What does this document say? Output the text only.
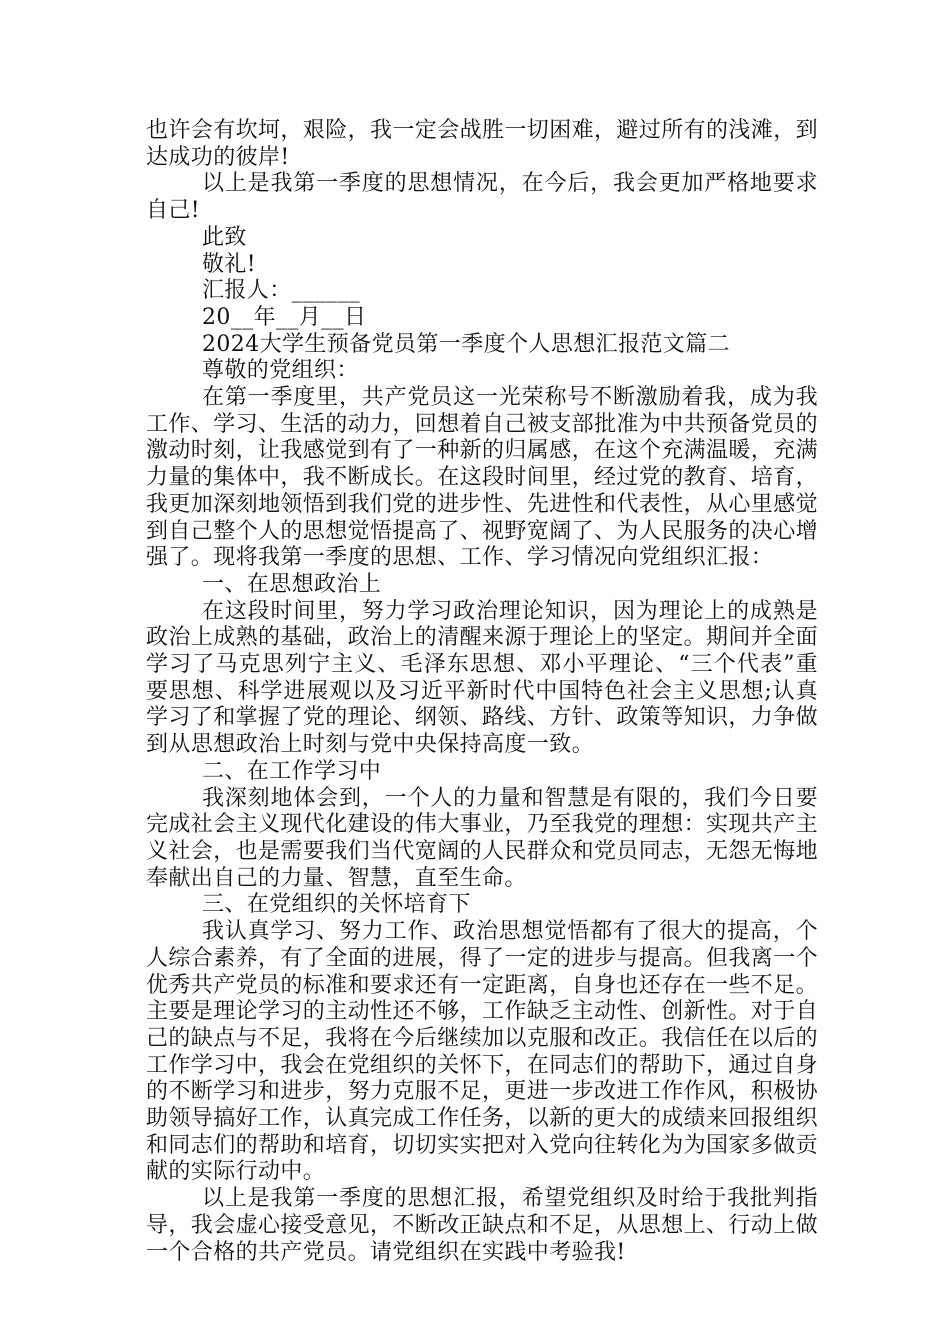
也许会有坎坷，艰险，我一定会战胜一切困难，避过所有的浅滩，到达成功的彼岸!

以上是我第一季度的思想情况，在今后，我会更加严格地要求自己!

此致

敬礼!

汇报人：______

20__年__月__日

2024大学生预备党员第一季度个人思想汇报范文篇二

尊敬的党组织：

在第一季度里，共产党员这一光荣称号不断激励着我，成为我工作、学习、生活的动力，回想着自己被支部批准为中共预备党员的激动时刻，让我感觉到有了一种新的归属感，在这个充满温暖，充满力量的集体中，我不断成长。在这段时间里，经过党的教育、培育，我更加深刻地领悟到我们党的进步性、先进性和代表性，从心里感觉到自己整个人的思想觉悟提高了、视野宽阔了、为人民服务的决心增强了。现将我第一季度的思想、工作、学习情况向党组织汇报：

一、在思想政治上

在这段时间里，努力学习政治理论知识，因为理论上的成熟是政治上成熟的基础，政治上的清醒来源于理论上的坚定。期间并全面学习了马克思列宁主义、毛泽东思想、邓小平理论、“三个代表”重要思想、科学进展观以及习近平新时代中国特色社会主义思想;认真学习了和掌握了党的理论、纲领、路线、方针、政策等知识，力争做到从思想政治上时刻与党中央保持高度一致。

二、在工作学习中

我深刻地体会到，一个人的力量和智慧是有限的，我们今日要完成社会主义现代化建设的伟大事业，乃至我党的理想：实现共产主义社会，也是需要我们当代宽阔的人民群众和党员同志，无怨无悔地奉献出自己的力量、智慧，直至生命。

三、在党组织的关怀培育下

我认真学习、努力工作、政治思想觉悟都有了很大的提高，个人综合素养，有了全面的进展，得了一定的进步与提高。但我离一个优秀共产党员的标准和要求还有一定距离，自身也还存在一些不足。主要是理论学习的主动性还不够，工作缺乏主动性、创新性。对于自己的缺点与不足，我将在今后继续加以克服和改正。我信任在以后的工作学习中，我会在党组织的关怀下，在同志们的帮助下，通过自身的不断学习和进步，努力克服不足，更进一步改进工作作风，积极协助领导搞好工作，认真完成工作任务，以新的更大的成绩来回报组织和同志们的帮助和培育，切切实实把对入党向往转化为为国家多做贡献的实际行动中。

以上是我第一季度的思想汇报，希望党组织及时给于我批判指导，我会虚心接受意见，不断改正缺点和不足，从思想上、行动上做一个合格的共产党员。请党组织在实践中考验我!
